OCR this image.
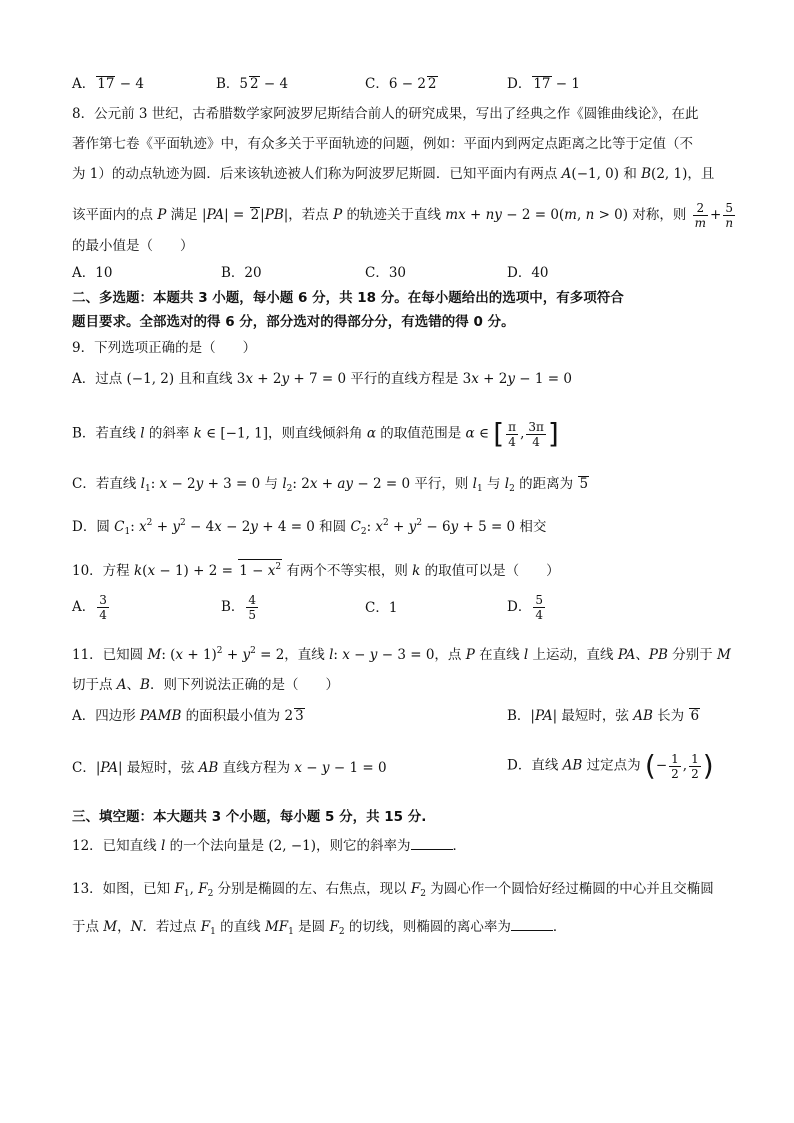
A． 17 − 4	B．5 2 − 4	C．6 − 2 2	D． 17 − 1
8．公元前 3 世纪，古希腊数学家阿波罗尼斯结合前人的研究成果，写出了经典之作《圆锥曲线论》，在此
著作第七卷《平面轨迹》中，有众多关于平面轨迹的问题，例如：平面内到两定点距离之比等于定值（不
为 1）的动点轨迹为圆．后来该轨迹被人们称为阿波罗尼斯圆．已知平面内有两点 A(−1, 0) 和 B(2, 1)，且
该平面内的点 P 满足 |PA| = 2|PB|，若点 P 的轨迹关于直线 mx + ny − 2 = 0(m, n > 0) 对称，则 $\frac{2}{m} + \frac{5}{n}$
的最小值是（　　）
A．10	B．20	C．30	D．40
二、多选题：本题共 3 小题，每小题 6 分，共 18 分。在每小题给出的选项中，有多项符合
题目要求。全部选对的得 6 分，部分选对的得部分分，有选错的得 0 分。
9．下列选项正确的是（　　）
A．过点 (−1, 2) 且和直线 3x + 2y + 7 = 0 平行的直线方程是 3x + 2y − 1 = 0
B．若直线 l 的斜率 k ∈ [−1, 1]，则直线倾斜角 α 的取值范围是 α ∈ [ $\frac{\pi}{4}$ , $\frac{3\pi}{4}$ ]
C．若直线 $l_1$: x − 2y + 3 = 0 与 $l_2$: 2x + ay − 2 = 0 平行，则 $l_1$ 与 $l_2$ 的距离为 5
D．圆 $C_1$: $x^2 + y^2 - 4x - 2y + 4 = 0$ 和圆 $C_2$: $x^2 + y^2 - 6y + 5 = 0$ 相交
10．方程 $k(x - 1) + 2 = 1 - x^2$ 有两个不等实根，则 k 的取值可以是（　　）
A． $\frac{3}{4}$	B． $\frac{4}{5}$	C．1	D． $\frac{5}{4}$
11．已知圆 M: $(x + 1)^2 + y^2 = 2$，直线 l: x − y − 3 = 0，点 P 在直线 l 上运动，直线 PA、PB 分别于 M
切于点 A、B．则下列说法正确的是（　　）
A．四边形 PAMB 的面积最小值为 2 3	B．|PA| 最短时，弦 AB 长为 6
C．|PA| 最短时，弦 AB 直线方程为 x − y − 1 = 0	D．直线 AB 过定点为 (− $\frac{1}{2}$ , $\frac{1}{2}$ )
三、填空题：本大题共 3 个小题，每小题 5 分，共 15 分.
12．已知直线 l 的一个法向量是 (2, −1)，则它的斜率为	．
13．如图，已知 $F_1$, $F_2$ 分别是椭圆的左、右焦点，现以 $F_2$ 为圆心作一个圆恰好经过椭圆的中心并且交椭圆
于点 M，N．若过点 $F_1$ 的直线 $MF_1$ 是圆 $F_2$ 的切线，则椭圆的离心率为	．
